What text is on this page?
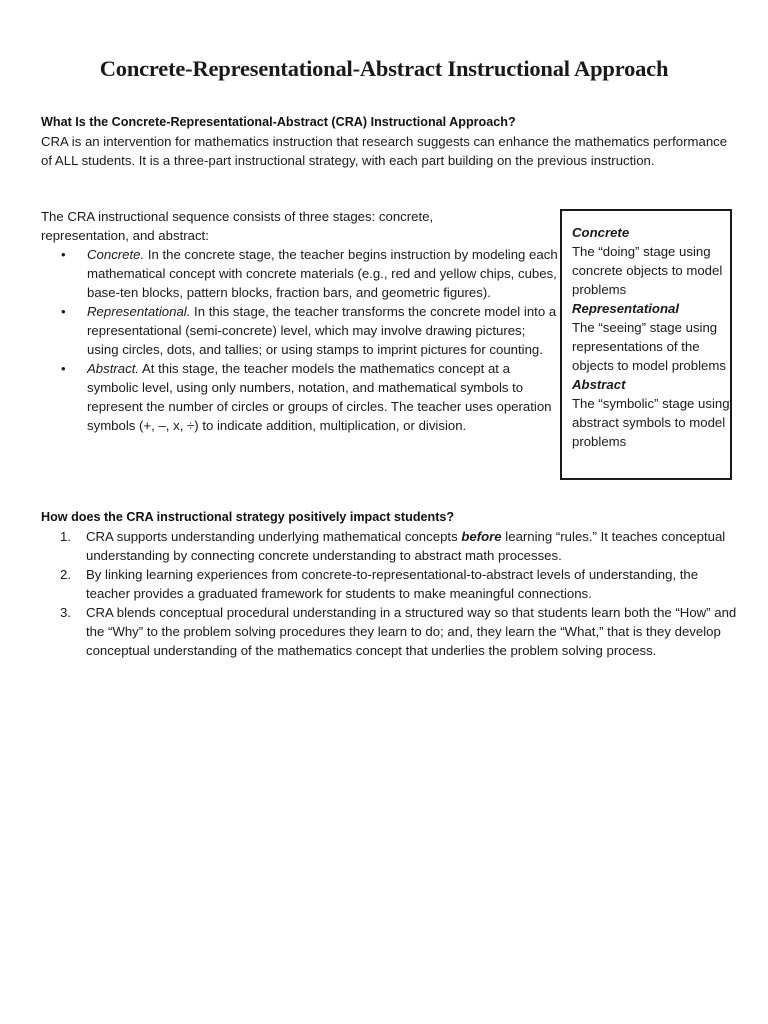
Concrete-Representational-Abstract Instructional Approach
What Is the Concrete-Representational-Abstract (CRA) Instructional Approach?
CRA is an intervention for mathematics instruction that research suggests can enhance the mathematics performance of ALL students. It is a three-part instructional strategy, with each part building on the previous instruction.
The CRA instructional sequence consists of three stages: concrete, representation, and abstract:
• Concrete. In the concrete stage, the teacher begins instruction by modeling each mathematical concept with concrete materials (e.g., red and yellow chips, cubes, base-ten blocks, pattern blocks, fraction bars, and geometric figures).
• Representational. In this stage, the teacher transforms the concrete model into a representational (semi-concrete) level, which may involve drawing pictures; using circles, dots, and tallies; or using stamps to imprint pictures for counting.
• Abstract. At this stage, the teacher models the mathematics concept at a symbolic level, using only numbers, notation, and mathematical symbols to represent the number of circles or groups of circles. The teacher uses operation symbols (+, –, x, ÷) to indicate addition, multiplication, or division.
Concrete
The “doing” stage using concrete objects to model problems
Representational
The “seeing” stage using representations of the objects to model problems
Abstract
The “symbolic” stage using abstract symbols to model problems
How does the CRA instructional strategy positively impact students?
1. CRA supports understanding underlying mathematical concepts before learning “rules.” It teaches conceptual understanding by connecting concrete understanding to abstract math processes.
2. By linking learning experiences from concrete-to-representational-to-abstract levels of understanding, the teacher provides a graduated framework for students to make meaningful connections.
3. CRA blends conceptual procedural understanding in a structured way so that students learn both the “How” and the “Why” to the problem solving procedures they learn to do; and, they learn the “What,” that is they develop conceptual understanding of the mathematics concept that underlies the problem solving process.
